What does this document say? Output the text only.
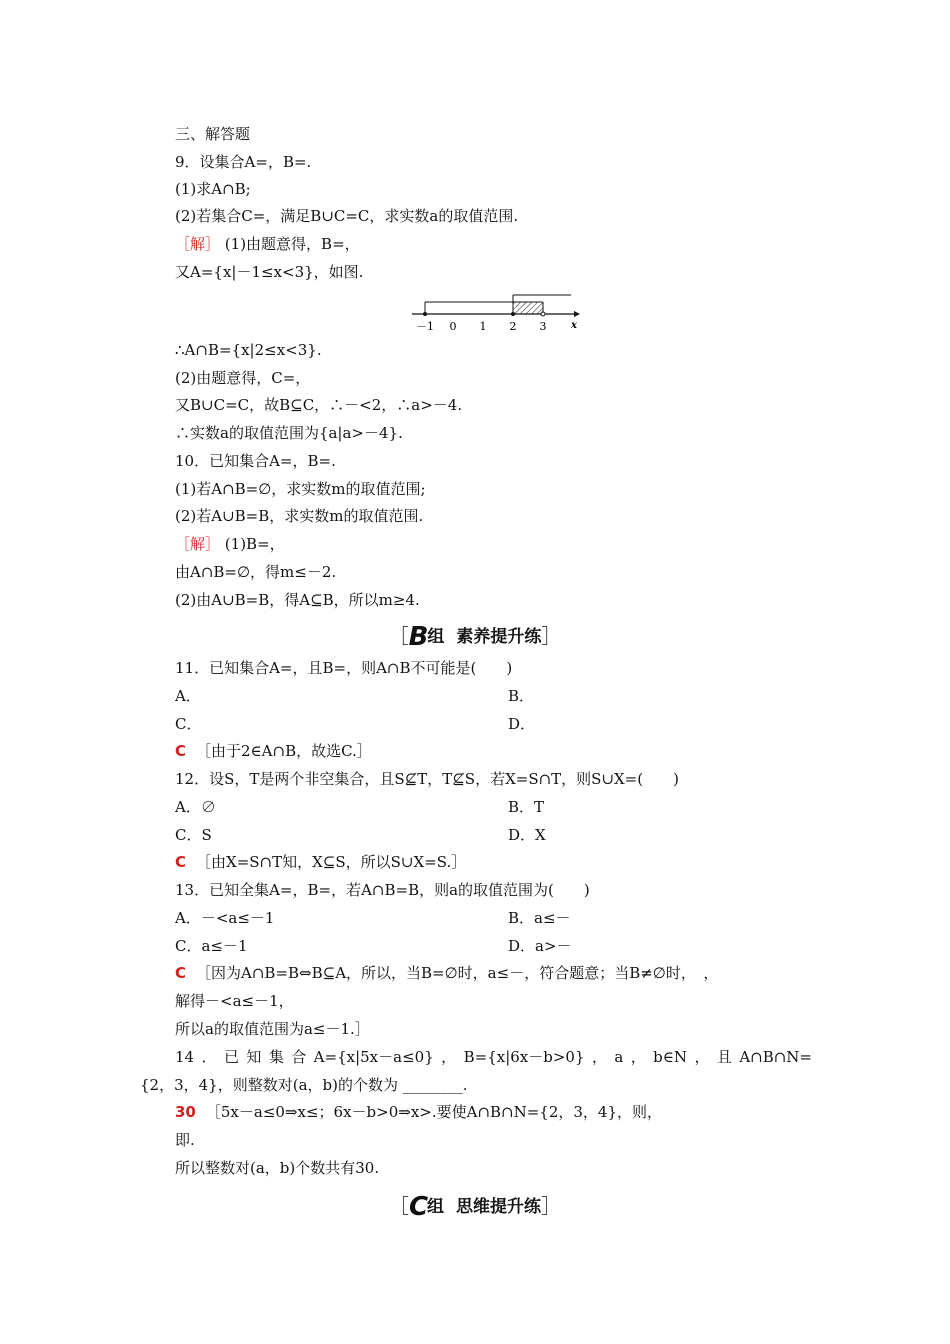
三、解答题
9．设集合A=，B=.
(1)求A∩B;
(2)若集合C=，满足B∪C=C，求实数a的取值范围.
［解］ (1)由题意得，B=，
又A={x|－1≤x<3}，如图.
－1 0 1 2 3 x
∴A∩B={x|2≤x<3}.
(2)由题意得，C=，
又B∪C=C，故B⊆C，∴－<2，∴a>－4.
∴实数a的取值范围为{a|a>－4}.
10．已知集合A=，B=.
(1)若A∩B=∅，求实数m的取值范围;
(2)若A∪B=B，求实数m的取值范围.
［解］ (1)B=，
由A∩B=∅，得m≤－2.
(2)由A∪B=B，得A⊆B，所以m≥4.
［B组 素养提升练］
11．已知集合A=，且B=，则A∩B不可能是(　　)
A．	B．
C．	D．
C ［由于2∈A∩B，故选C.］
12．设S，T是两个非空集合，且S⊈T，T⊈S，若X=S∩T，则S∪X=(　　)
A．∅	B．T
C．S	D．X
C ［由X=S∩T知，X⊆S，所以S∪X=S.］
13．已知全集A=，B=，若A∩B=B，则a的取值范围为(　　)
A．－<a≤－1	B．a≤－
C．a≤－1	D．a>－
C ［因为A∩B=B⇔B⊆A，所以，当B=∅时，a≤－，符合题意；当B≠∅时，　，
解得－<a≤－1，
所以a的取值范围为a≤－1.］
14．已知集合A={x|5x－a≤0}，B={x|6x－b>0}，a，b∈N，且A∩B∩N=
{2，3，4}，则整数对(a，b)的个数为 ________.
30 ［5x－a≤0⇒x≤；6x－b>0⇒x>.要使A∩B∩N={2，3，4}，则，
即.
所以整数对(a，b)个数共有30.
［C组 思维提升练］
